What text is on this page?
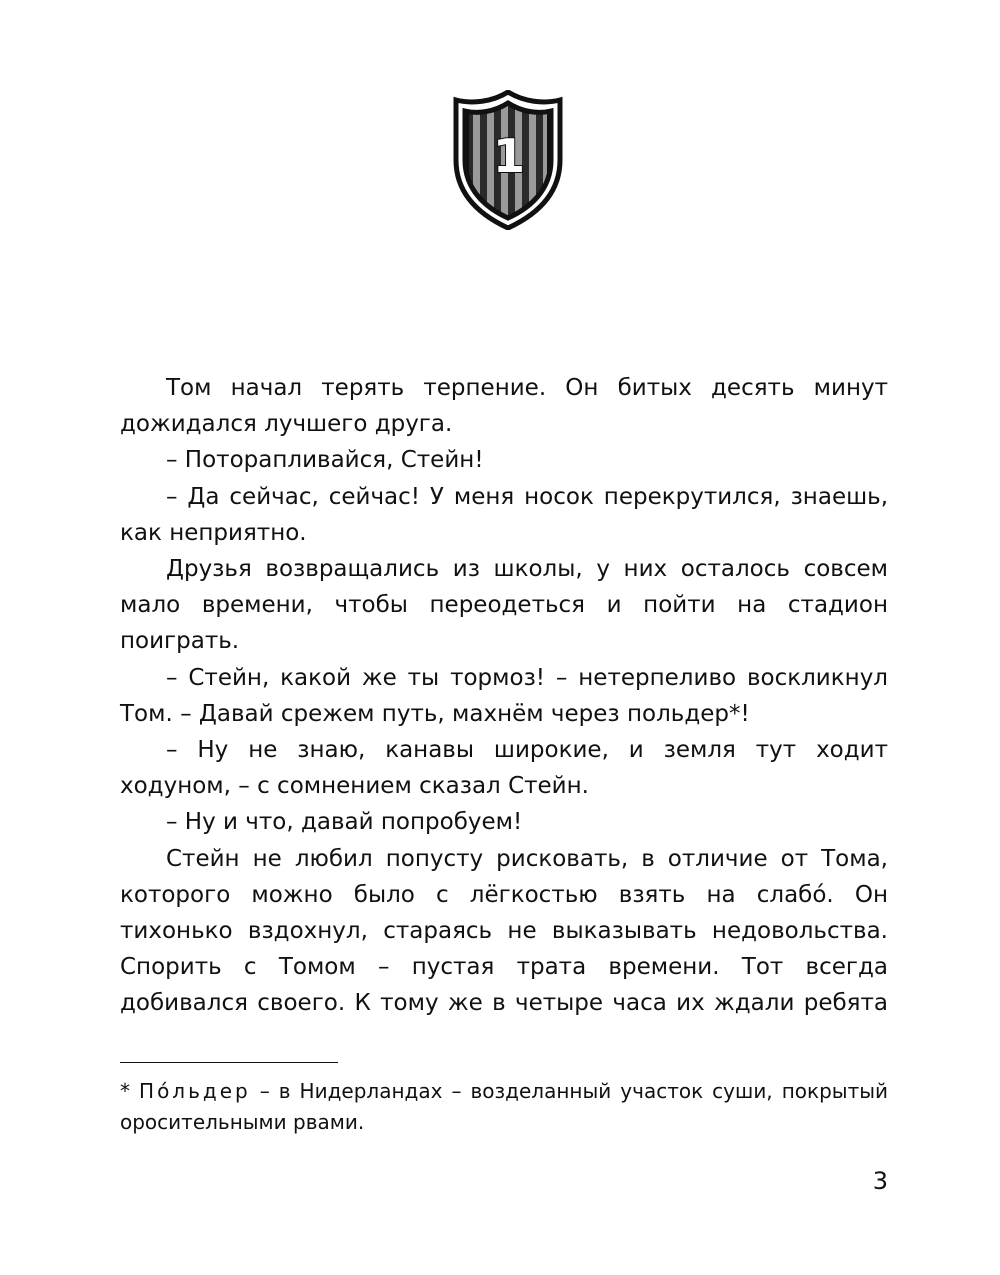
1

Том начал терять терпение. Он битых десять минут дожидался лучшего друга.

– Поторапливайся, Стейн!

– Да сейчас, сейчас! У меня носок перекрутился, знаешь, как неприятно.

Друзья возвращались из школы, у них осталось совсем мало времени, чтобы переодеться и пойти на стадион поиграть.

– Стейн, какой же ты тормоз! – нетерпеливо воскликнул Том. – Давай срежем путь, махнём через польдер*!

– Ну не знаю, канавы широкие, и земля тут ходит ходуном, – с сомнением сказал Стейн.

– Ну и что, давай попробуем!

Стейн не любил попусту рисковать, в отличие от Тома, которого можно было с лёгкостью взять на слабо́. Он тихонько вздохнул, стараясь не выказывать недовольства. Спорить с Томом – пустая трата времени. Тот всегда добивался своего. К тому же в четыре часа их ждали ребята

* По́льдер – в Нидерландах – возделанный участок суши, покрытый оросительными рвами.

3
